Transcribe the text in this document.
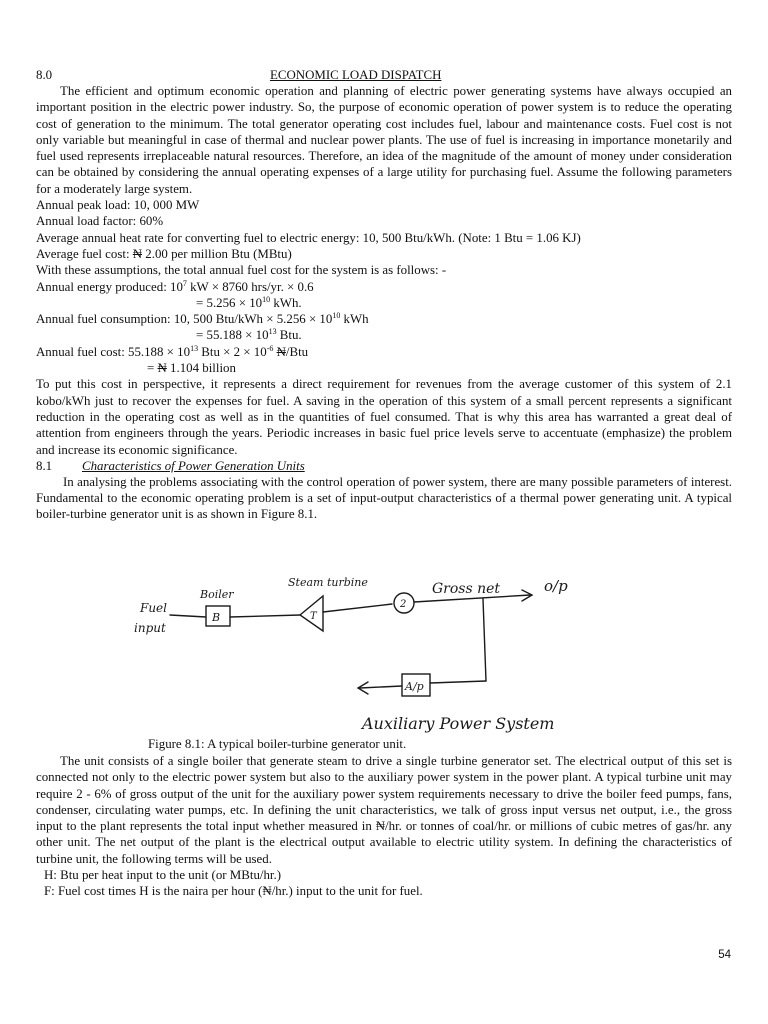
8.0	ECONOMIC LOAD DISPATCH

The efficient and optimum economic operation and planning of electric power generating systems have always occupied an important position in the electric power industry. So, the purpose of economic operation of power system is to reduce the operating cost of generation to the minimum. The total generator operating cost includes fuel, labour and maintenance costs. Fuel cost is not only variable but meaningful in case of thermal and nuclear power plants. The use of fuel is increasing in importance monetarily and fuel used represents irreplaceable natural resources. Therefore, an idea of the magnitude of the amount of money under consideration can be obtained by considering the annual operating expenses of a large utility for purchasing fuel. Assume the following parameters for a moderately large system.

Annual peak load: 10, 000 MW

Annual load factor: 60%

Average annual heat rate for converting fuel to electric energy: 10, 500 Btu/kWh. (Note: 1 Btu = 1.06 KJ)

Average fuel cost: ₦ 2.00 per million Btu (MBtu)

With these assumptions, the total annual fuel cost for the system is as follows: -

Annual energy produced: $10^7$ kW × 8760 hrs/yr. × 0.6

= $5.256 \times 10^{10}$ kWh.

Annual fuel consumption: 10, 500 $Btu/kWh \times 5.256 \times 10^{10}$ kWh

= $55.188 \times 10^{13}$ Btu.

Annual fuel cost: $55.188 \times 10^{13}$ Btu × $2 \times 10^{-6}$ ₦/Btu

= ₦ 1.104 billion

To put this cost in perspective, it represents a direct requirement for revenues from the average customer of this system of 2.1 kobo/kWh just to recover the expenses for fuel. A saving in the operation of this system of a small percent represents a significant reduction in the operating cost as well as in the quantities of fuel consumed. That is why this area has warranted a great deal of attention from engineers through the years. Periodic increases in basic fuel price levels serve to accentuate (emphasize) the problem and increase its economic significance.

8.1 Characteristics of Power Generation Units

In analysing the problems associating with the control operation of power system, there are many possible parameters of interest. Fundamental to the economic operating problem is a set of input-output characteristics of a thermal power generating unit. A typical boiler-turbine generator unit is as shown in Figure 8.1.

Fuel
input
Boiler
B
Steam turbine
T
2
Gross net	o/p
A/p
Auxiliary Power System
Figure 8.1: A typical boiler-turbine generator unit.

The unit consists of a single boiler that generate steam to drive a single turbine generator set. The electrical output of this set is connected not only to the electric power system but also to the auxiliary power system in the power plant. A typical turbine unit may require 2 - 6% of gross output of the unit for the auxiliary power system requirements necessary to drive the boiler feed pumps, fans, condenser, circulating water pumps, etc. In defining the unit characteristics, we talk of gross input versus net output, i.e., the gross input to the plant represents the total input whether measured in ₦/hr. or tonnes of coal/hr. or millions of cubic metres of gas/hr. any other unit. The net output of the plant is the electrical output available to electric utility system. In defining the characteristics of turbine unit, the following terms will be used.

H: Btu per heat input to the unit (or MBtu/hr.)

F: Fuel cost times H is the naira per hour (₦/hr.) input to the unit for fuel.

54
